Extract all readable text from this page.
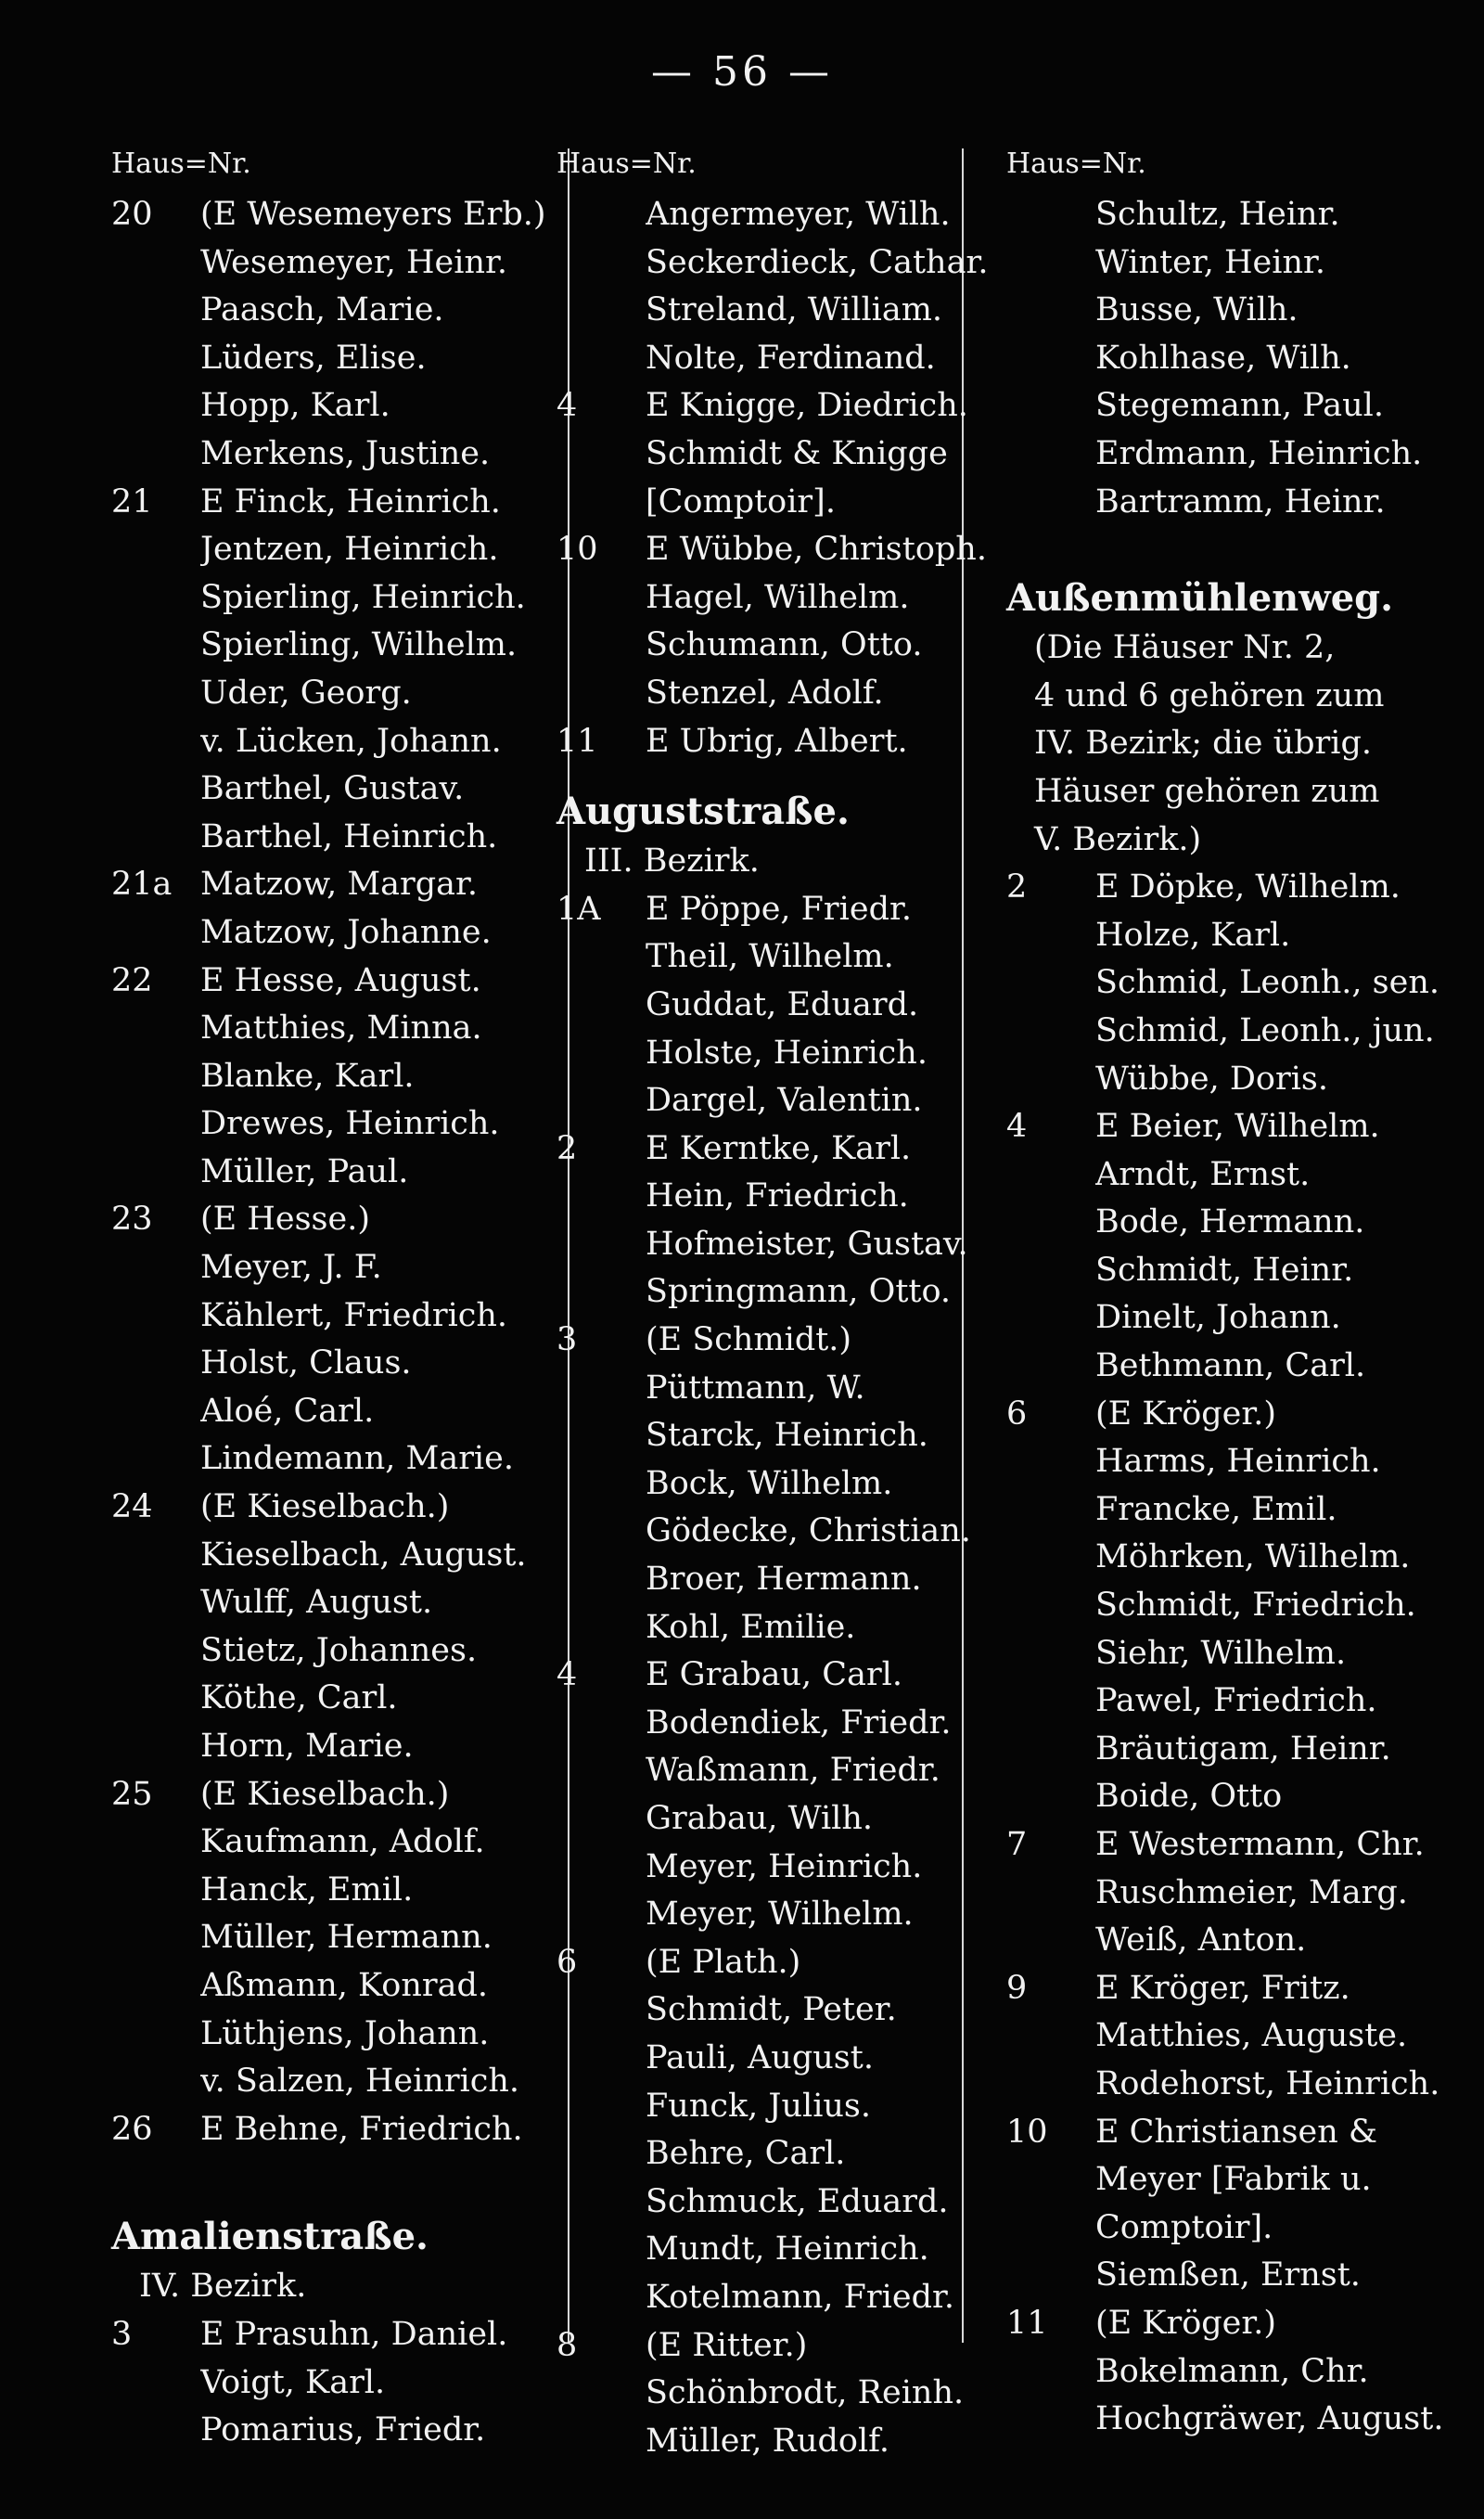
— 56 —
Haus=Nr.
20	(E Wesemeyers Erb.)
Wesemeyer, Heinr.
Paasch, Marie.
Lüders, Elise.
Hopp, Karl.
Merkens, Justine.
21	E Finck, Heinrich.
Jentzen, Heinrich.
Spierling, Heinrich.
Spierling, Wilhelm.
Uder, Georg.
v. Lücken, Johann.
Barthel, Gustav.
Barthel, Heinrich.
21a Matzow, Margar.
Matzow, Johanne.
22	E Hesse, August.
Matthies, Minna.
Blanke, Karl.
Drewes, Heinrich.
Müller, Paul.
23	(E Hesse.)
Meyer, J. F.
Kählert, Friedrich.
Holst, Claus.
Aloé, Carl.
Lindemann, Marie.
24	(E Kieselbach.)
Kieselbach, August.
Wulff, August.
Stietz, Johannes.
Köthe, Carl.
Horn, Marie.
25	(E Kieselbach.)
Kaufmann, Adolf.
Hanck, Emil.
Müller, Hermann.
Aßmann, Konrad.
Lüthjens, Johann.
v. Salzen, Heinrich.
26	E Behne, Friedrich.
Amalienstraße.
IV. Bezirk.
3	E Prasuhn, Daniel.
Voigt, Karl.
Pomarius, Friedr.
Haus=Nr.
Angermeyer, Wilh.
Seckerdieck, Cathar.
Streland, William.
Nolte, Ferdinand.
4	E Knigge, Diedrich.
Schmidt & Knigge
[Comptoir].
10	E Wübbe, Christoph.
Hagel, Wilhelm.
Schumann, Otto.
Stenzel, Adolf.
11	E Ubrig, Albert.
Auguststraße.
III. Bezirk.
1A	E Pöppe, Friedr.
Theil, Wilhelm.
Guddat, Eduard.
Holste, Heinrich.
Dargel, Valentin.
2	E Kerntke, Karl.
Hein, Friedrich.
Hofmeister, Gustav.
Springmann, Otto.
3	(E Schmidt.)
Püttmann, W.
Starck, Heinrich.
Bock, Wilhelm.
Gödecke, Christian.
Broer, Hermann.
Kohl, Emilie.
4	E Grabau, Carl.
Bodendiek, Friedr.
Waßmann, Friedr.
Grabau, Wilh.
Meyer, Heinrich.
Meyer, Wilhelm.
6	(E Plath.)
Schmidt, Peter.
Pauli, August.
Funck, Julius.
Behre, Carl.
Schmuck, Eduard.
Mundt, Heinrich.
Kotelmann, Friedr.
8	(E Ritter.)
Schönbrodt, Reinh.
Müller, Rudolf.
Haus=Nr.
Schultz, Heinr.
Winter, Heinr.
Busse, Wilh.
Kohlhase, Wilh.
Stegemann, Paul.
Erdmann, Heinrich.
Bartramm, Heinr.
Außenmühlenweg.
(Die Häuser Nr. 2,
4 und 6 gehören zum
IV. Bezirk; die übrig.
Häuser gehören zum
V. Bezirk.)
2	E Döpke, Wilhelm.
Holze, Karl.
Schmid, Leonh., sen.
Schmid, Leonh., jun.
Wübbe, Doris.
4	E Beier, Wilhelm.
Arndt, Ernst.
Bode, Hermann.
Schmidt, Heinr.
Dinelt, Johann.
Bethmann, Carl.
6	(E Kröger.)
Harms, Heinrich.
Francke, Emil.
Möhrken, Wilhelm.
Schmidt, Friedrich.
Siehr, Wilhelm.
Pawel, Friedrich.
Bräutigam, Heinr.
Boide, Otto
7	E Westermann, Chr.
Ruschmeier, Marg.
Weiß, Anton.
9	E Kröger, Fritz.
Matthies, Auguste.
Rodehorst, Heinrich.
10	E Christiansen &
Meyer [Fabrik u.
Comptoir].
Siemßen, Ernst.
11	(E Kröger.)
Bokelmann, Chr.
Hochgräwer, August.
